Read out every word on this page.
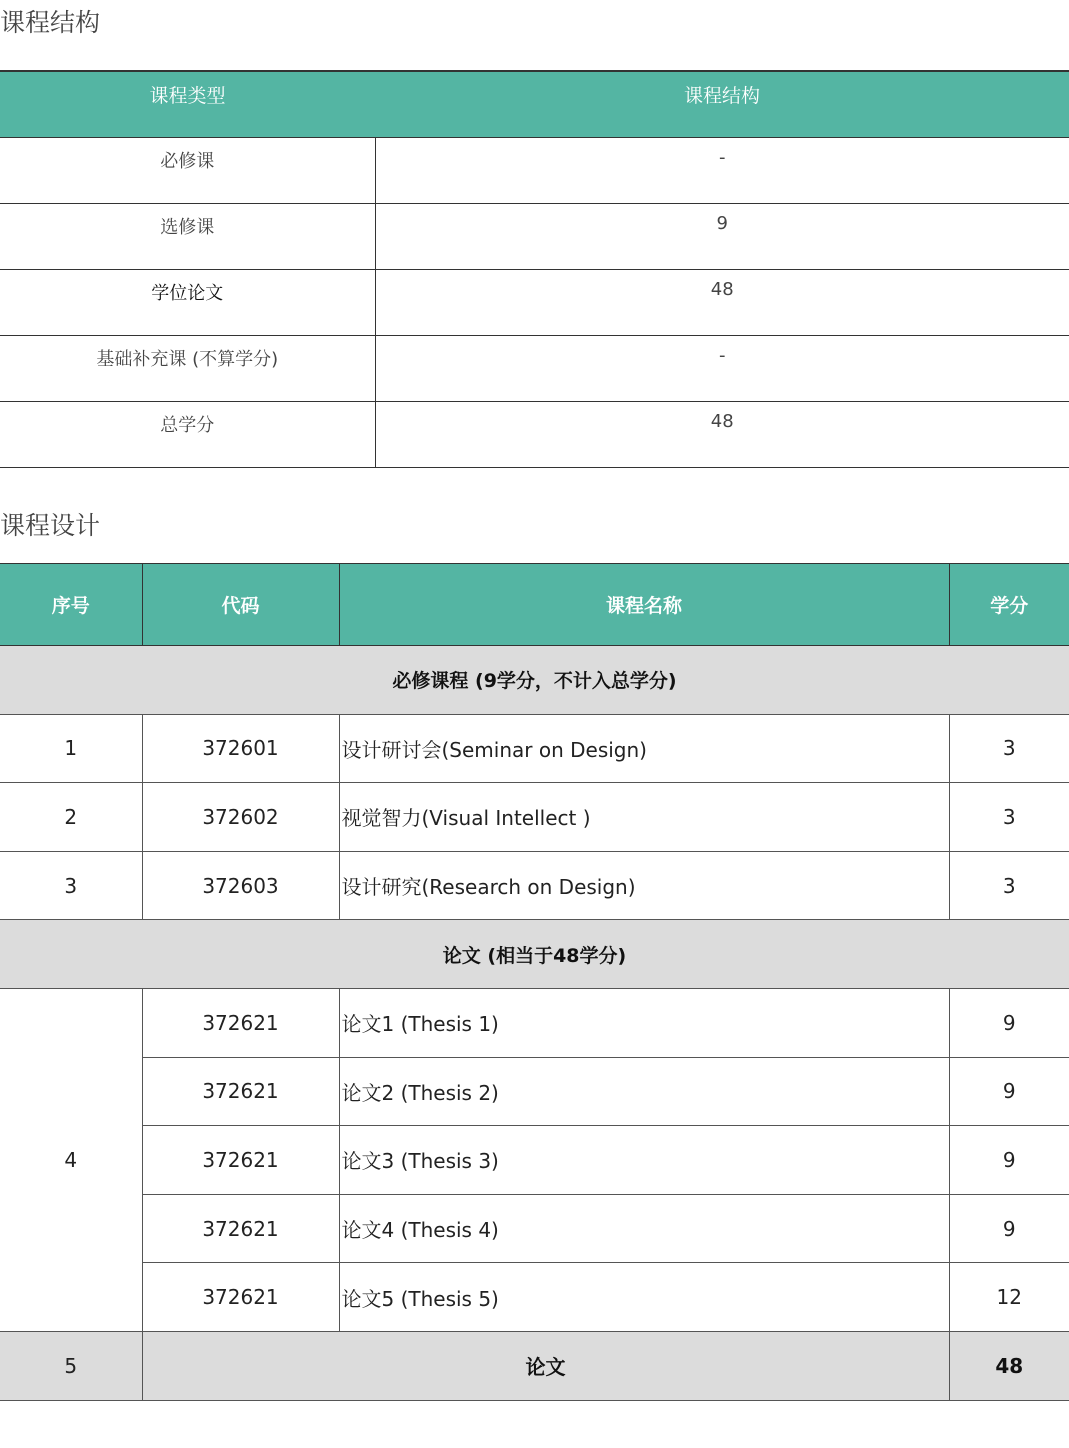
课程结构
课程类型	课程结构
必修课	-
选修课	9
学位论文	48
基础补充课 (不算学分)	-
总学分	48
课程设计
序号	代码	课程名称	学分
必修课程 (9学分，不计入总学分)			
1	372601	设计研讨会(Seminar on Design)	3
2	372602	视觉智力(Visual Intellect )	3
3	372603	设计研究(Research on Design)	3
论文 (相当于48学分)			
4	372621	论文1 (Thesis 1)	9
	372621	论文2 (Thesis 2)	9
	372621	论文3 (Thesis 3)	9
	372621	论文4 (Thesis 4)	9
	372621	论文5 (Thesis 5)	12
5	论文		48
